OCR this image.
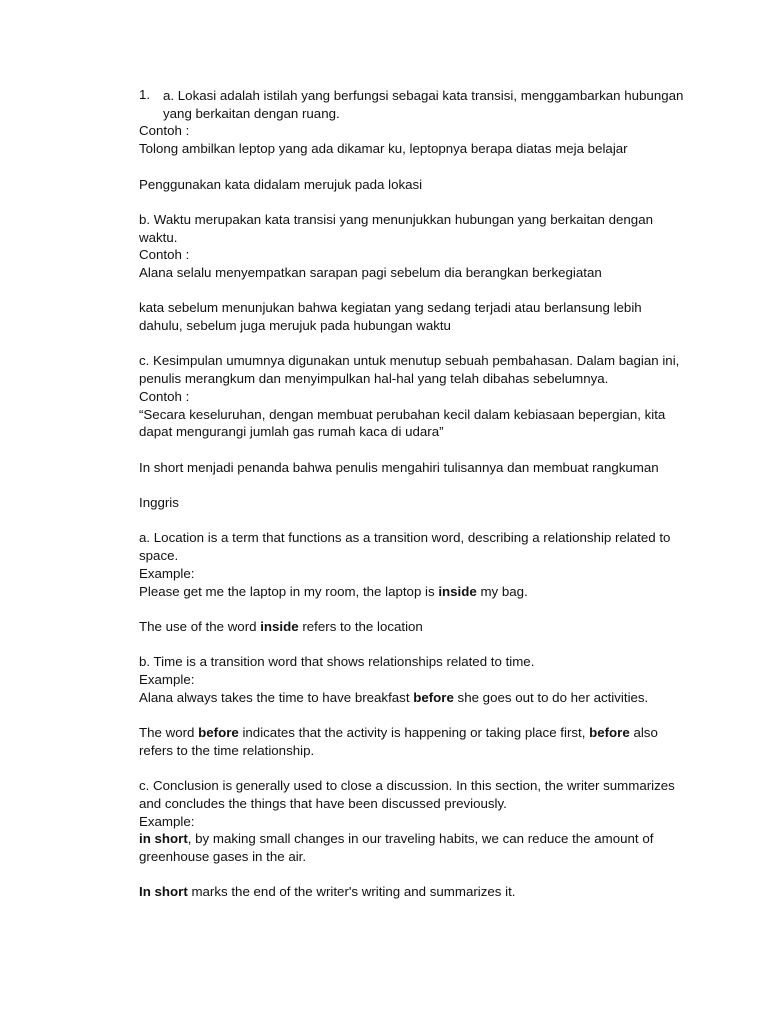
1. a. Lokasi adalah istilah yang berfungsi sebagai kata transisi, menggambarkan hubungan
yang berkaitan dengan ruang.
Contoh :
Tolong ambilkan leptop yang ada dikamar ku, leptopnya berapa diatas meja belajar
Penggunakan kata didalam merujuk pada lokasi
b. Waktu merupakan kata transisi yang menunjukkan hubungan yang berkaitan dengan
waktu.
Contoh :
Alana selalu menyempatkan sarapan pagi sebelum dia berangkan berkegiatan
kata sebelum menunjukan bahwa kegiatan yang sedang terjadi atau berlansung lebih
dahulu, sebelum juga merujuk pada hubungan waktu
c. Kesimpulan umumnya digunakan untuk menutup sebuah pembahasan. Dalam bagian ini,
penulis merangkum dan menyimpulkan hal-hal yang telah dibahas sebelumnya.
Contoh :
“Secara keseluruhan, dengan membuat perubahan kecil dalam kebiasaan bepergian, kita
dapat mengurangi jumlah gas rumah kaca di udara”
In short menjadi penanda bahwa penulis mengahiri tulisannya dan membuat rangkuman
Inggris
a. Location is a term that functions as a transition word, describing a relationship related to
space.
Example:
Please get me the laptop in my room, the laptop is inside my bag.
The use of the word inside refers to the location
b. Time is a transition word that shows relationships related to time.
Example:
Alana always takes the time to have breakfast before she goes out to do her activities.
The word before indicates that the activity is happening or taking place first, before also
refers to the time relationship.
c. Conclusion is generally used to close a discussion. In this section, the writer summarizes
and concludes the things that have been discussed previously.
Example:
in short, by making small changes in our traveling habits, we can reduce the amount of
greenhouse gases in the air.
In short marks the end of the writer's writing and summarizes it.
